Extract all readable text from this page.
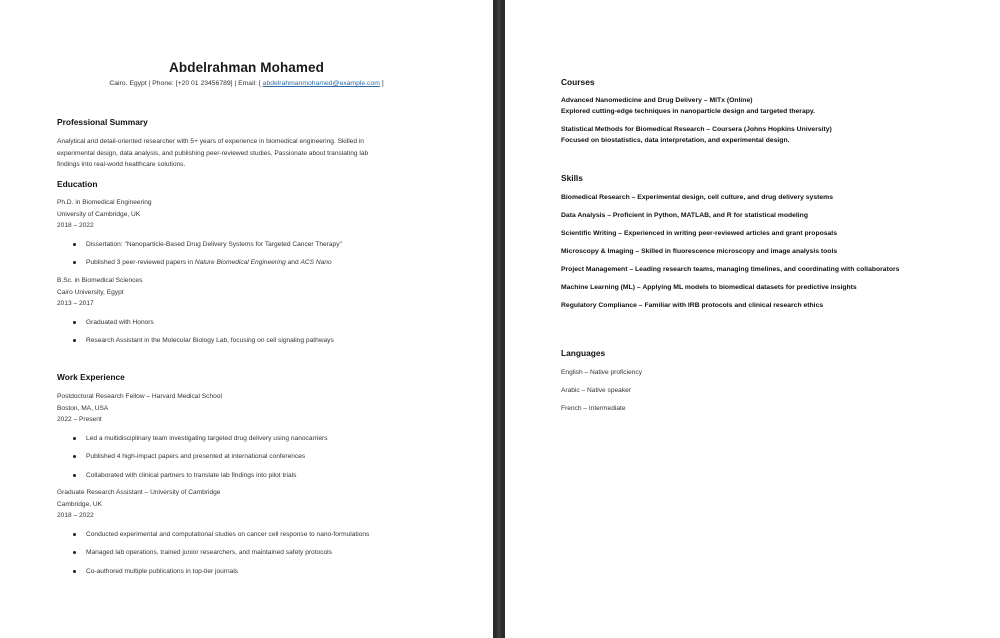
Abdelrahman Mohamed
Cairo, Egypt | Phone: [+20 01 23456789] | Email: [ abdelrahmanmohamed@example.com ]
Professional Summary
Analytical and detail-oriented researcher with 5+ years of experience in biomedical engineering. Skilled in
experimental design, data analysis, and publishing peer-reviewed studies. Passionate about translating lab
findings into real-world healthcare solutions.
Education
Ph.D. in Biomedical Engineering
University of Cambridge, UK
2018 – 2022
Dissertation: "Nanoparticle-Based Drug Delivery Systems for Targeted Cancer Therapy"
Published 3 peer-reviewed papers in Nature Biomedical Engineering and ACS Nano
B.Sc. in Biomedical Sciences
Cairo University, Egypt
2013 – 2017
Graduated with Honors
Research Assistant in the Molecular Biology Lab, focusing on cell signaling pathways
Work Experience
Postdoctoral Research Fellow – Harvard Medical School
Boston, MA, USA
2022 – Present
Led a multidisciplinary team investigating targeted drug delivery using nanocarriers
Published 4 high-impact papers and presented at international conferences
Collaborated with clinical partners to translate lab findings into pilot trials
Graduate Research Assistant – University of Cambridge
Cambridge, UK
2018 – 2022
Conducted experimental and computational studies on cancer cell response to nano-formulations
Managed lab operations, trained junior researchers, and maintained safety protocols
Co-authored multiple publications in top-tier journals
Courses
Advanced Nanomedicine and Drug Delivery – MITx (Online)
Explored cutting-edge techniques in nanoparticle design and targeted therapy.
Statistical Methods for Biomedical Research – Coursera (Johns Hopkins University)
Focused on biostatistics, data interpretation, and experimental design.
Skills
Biomedical Research – Experimental design, cell culture, and drug delivery systems
Data Analysis – Proficient in Python, MATLAB, and R for statistical modeling
Scientific Writing – Experienced in writing peer-reviewed articles and grant proposals
Microscopy & Imaging – Skilled in fluorescence microscopy and image analysis tools
Project Management – Leading research teams, managing timelines, and coordinating with collaborators
Machine Learning (ML) – Applying ML models to biomedical datasets for predictive insights
Regulatory Compliance – Familiar with IRB protocols and clinical research ethics
Languages
English – Native proficiency
Arabic – Native speaker
French – Intermediate
